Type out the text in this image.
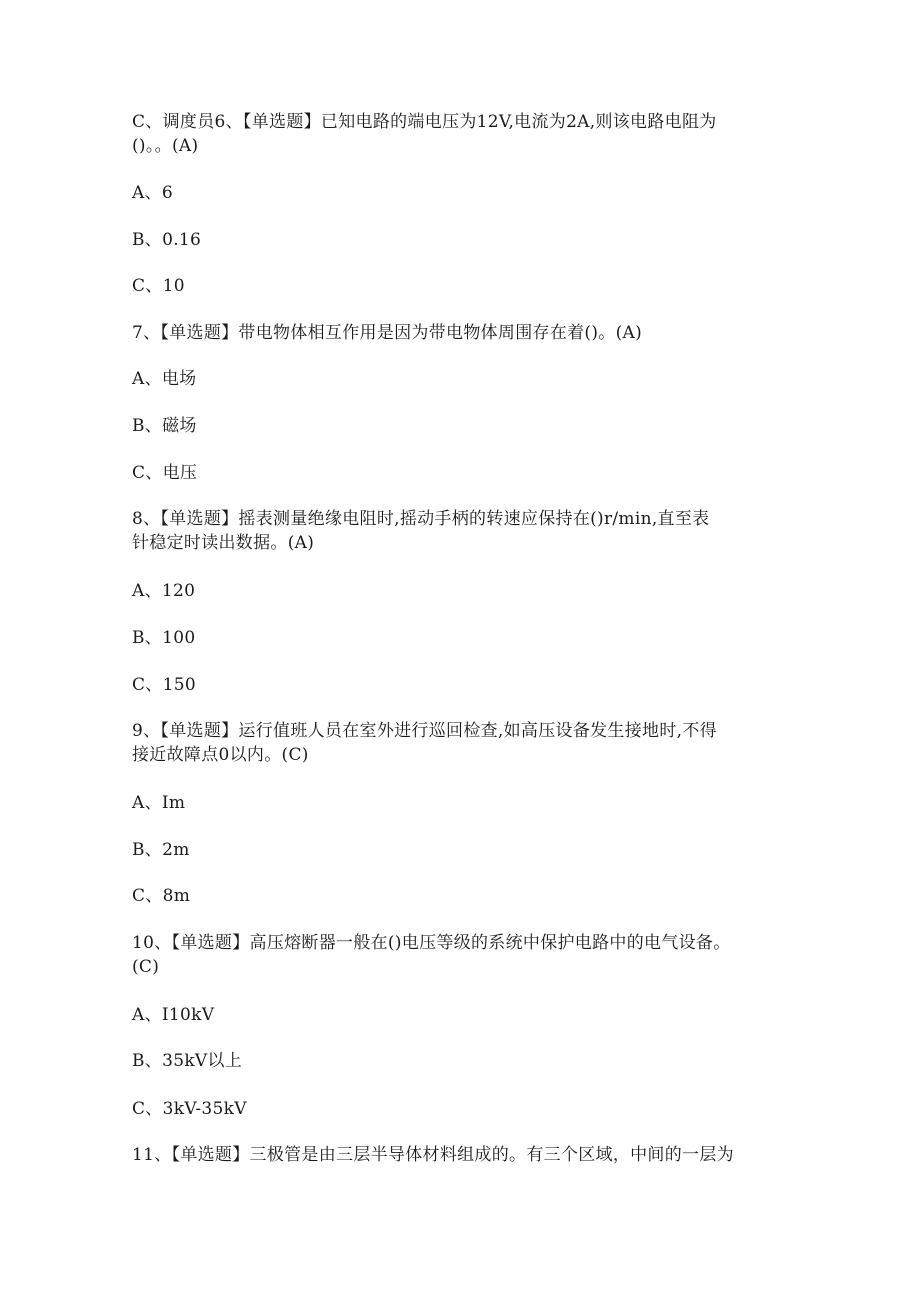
C、调度员6、【单选题】已知电路的端电压为12V,电流为2A,则该电路电阻为
()。。(A)
A、6
B、0.16
C、10
7、【单选题】带电物体相互作用是因为带电物体周围存在着()。(A)
A、电场
B、磁场
C、电压
8、【单选题】摇表测量绝缘电阻时,摇动手柄的转速应保持在()r/min,直至表
针稳定时读出数据。(A)
A、120
B、100
C、150
9、【单选题】运行值班人员在室外进行巡回检查,如高压设备发生接地时,不得
接近故障点0以内。(C)
A、Im
B、2m
C、8m
10、【单选题】高压熔断器一般在()电压等级的系统中保护电路中的电气设备。
(C)
A、I10kV
B、35kV以上
C、3kV-35kV
11、【单选题】三极管是由三层半导体材料组成的。有三个区域，中间的一层为
